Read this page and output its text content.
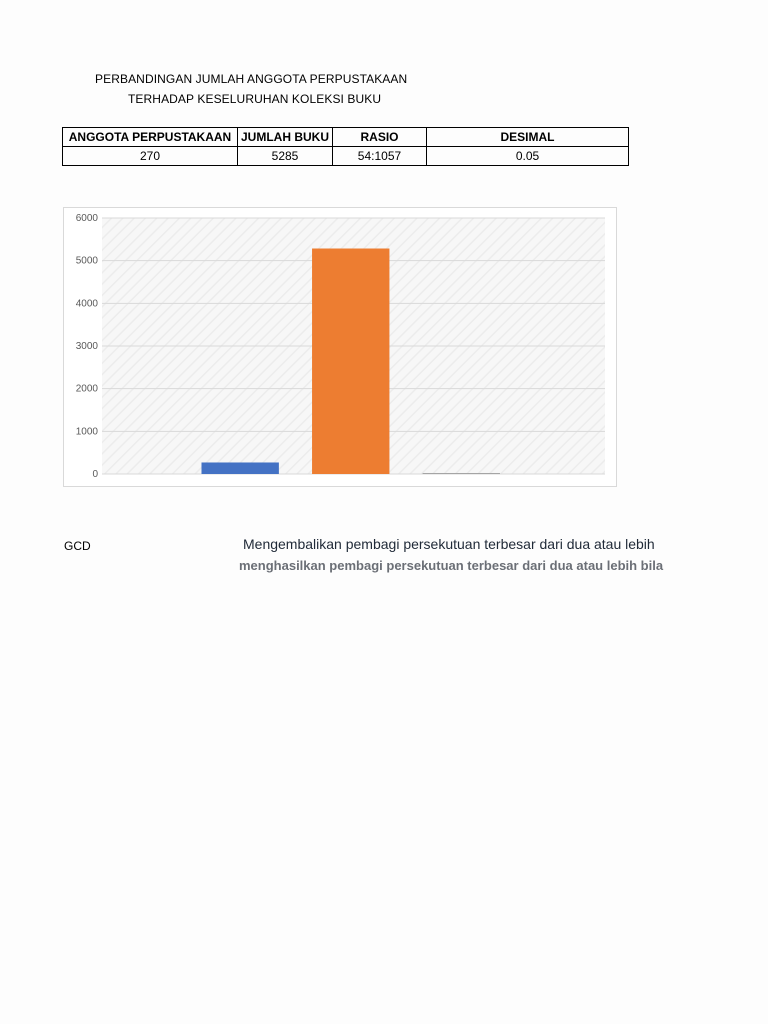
PERBANDINGAN JUMLAH ANGGOTA PERPUSTAKAAN
TERHADAP KESELURUHAN KOLEKSI BUKU
ANGGOTA PERPUSTAKAAN	JUMLAH BUKU	RASIO	DESIMAL
270	5285	54:1057	0.05
0
1000
2000
3000
4000
5000
6000
GCD	Mengembalikan pembagi persekutuan terbesar dari dua atau lebih
menghasilkan pembagi persekutuan terbesar dari dua atau lebih bila
